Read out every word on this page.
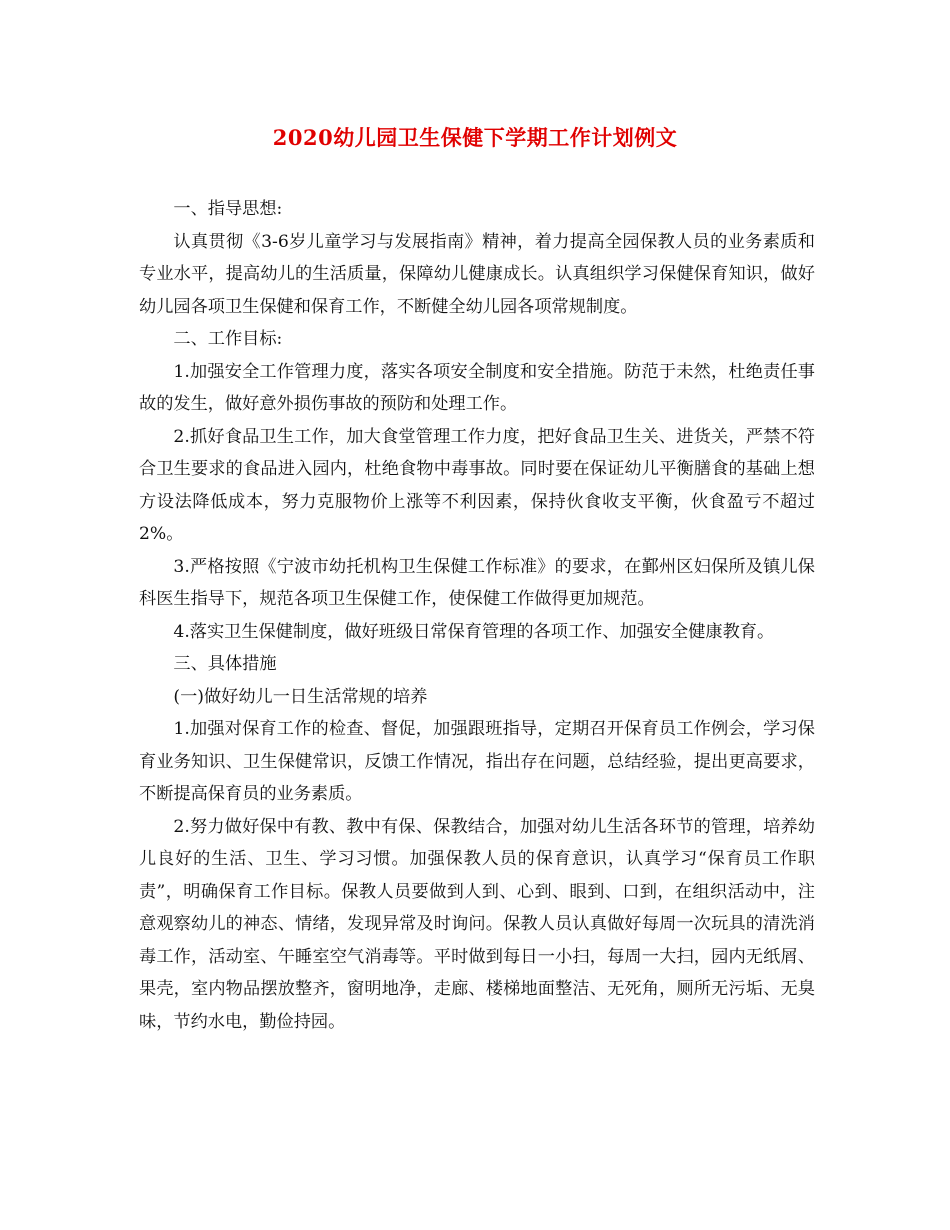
2020幼儿园卫生保健下学期工作计划例文

一、指导思想:

认真贯彻《3-6岁儿童学习与发展指南》精神，着力提高全园保教人员的业务素质和专业水平，提高幼儿的生活质量，保障幼儿健康成长。认真组织学习保健保育知识，做好幼儿园各项卫生保健和保育工作，不断健全幼儿园各项常规制度。

二、工作目标:

1.加强安全工作管理力度，落实各项安全制度和安全措施。防范于未然，杜绝责任事故的发生，做好意外损伤事故的预防和处理工作。

2.抓好食品卫生工作，加大食堂管理工作力度，把好食品卫生关、进货关，严禁不符合卫生要求的食品进入园内，杜绝食物中毒事故。同时要在保证幼儿平衡膳食的基础上想方设法降低成本，努力克服物价上涨等不利因素，保持伙食收支平衡，伙食盈亏不超过2%。

3.严格按照《宁波市幼托机构卫生保健工作标准》的要求，在鄞州区妇保所及镇儿保科医生指导下，规范各项卫生保健工作，使保健工作做得更加规范。

4.落实卫生保健制度，做好班级日常保育管理的各项工作、加强安全健康教育。

三、具体措施

(一)做好幼儿一日生活常规的培养

1.加强对保育工作的检查、督促，加强跟班指导，定期召开保育员工作例会，学习保育业务知识、卫生保健常识，反馈工作情况，指出存在问题，总结经验，提出更高要求，不断提高保育员的业务素质。

2.努力做好保中有教、教中有保、保教结合，加强对幼儿生活各环节的管理，培养幼儿良好的生活、卫生、学习习惯。加强保教人员的保育意识，认真学习“保育员工作职责”，明确保育工作目标。保教人员要做到人到、心到、眼到、口到，在组织活动中，注意观察幼儿的神态、情绪，发现异常及时询问。保教人员认真做好每周一次玩具的清洗消毒工作，活动室、午睡室空气消毒等。平时做到每日一小扫，每周一大扫，园内无纸屑、果壳，室内物品摆放整齐，窗明地净，走廊、楼梯地面整洁、无死角，厕所无污垢、无臭味，节约水电，勤俭持园。
